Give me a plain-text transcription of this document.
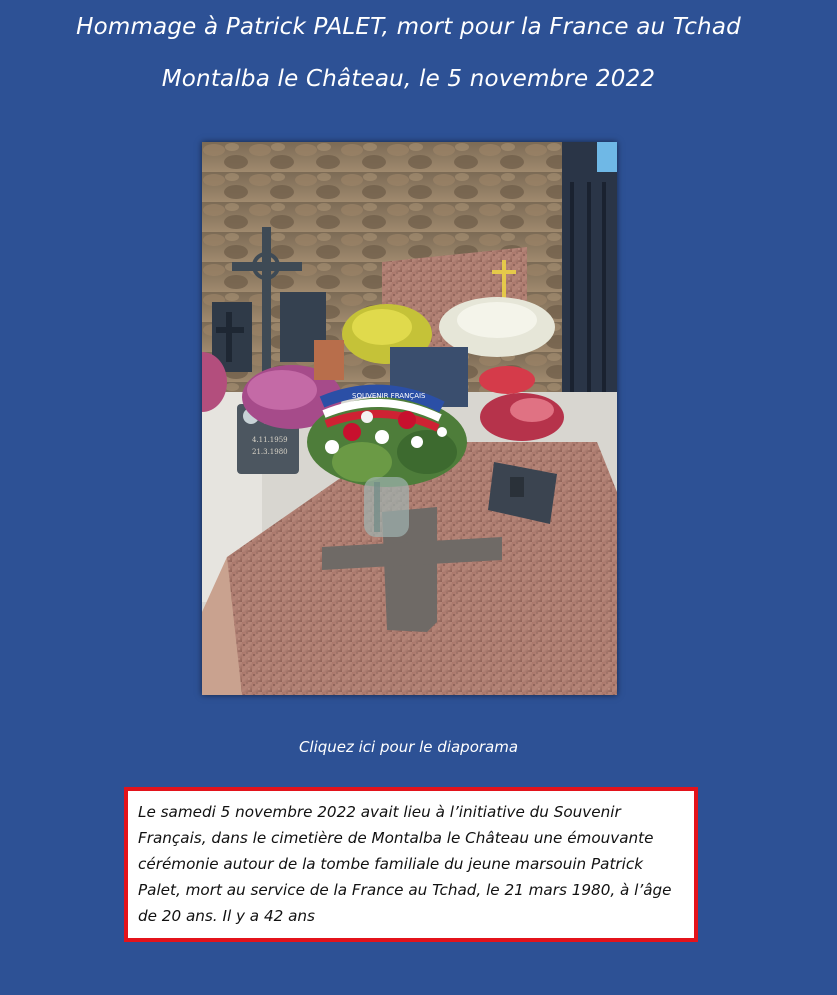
Hommage à Patrick PALET, mort pour la France au Tchad
Montalba le Château, le 5 novembre 2022
4.11.1959
21.3.1980
SOUVENIR FRANÇAIS
Cliquez ici pour le diaporama

Le samedi 5 novembre 2022 avait lieu à l’initiative du Souvenir Français, dans le cimetière de Montalba le Château une émouvante cérémonie autour de la tombe familiale du jeune marsouin Patrick Palet, mort au service de la France au Tchad, le 21 mars 1980, à l’âge de 20 ans. Il y a 42 ans
